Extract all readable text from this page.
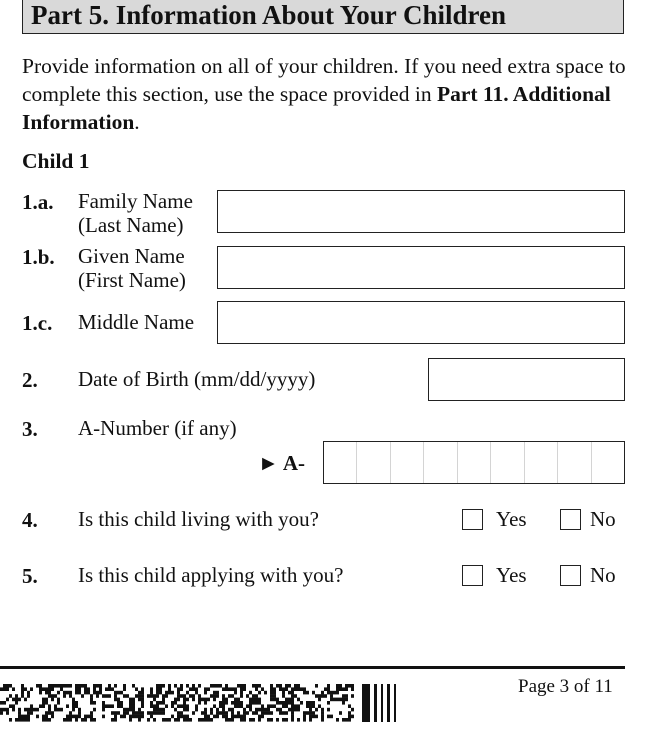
Part 5. Information About Your Children
Provide information on all of your children. If you need extra space to complete this section, use the space provided in Part 11. Additional Information.
Child 1
1.a. Family Name
(Last Name)
1.b. Given Name
(First Name)
1.c. Middle Name
2. Date of Birth (mm/dd/yyyy)
3. A-Number (if any)
► A-
4. Is this child living with you?	Yes	No
5. Is this child applying with you?	Yes	No
Page 3 of 11
